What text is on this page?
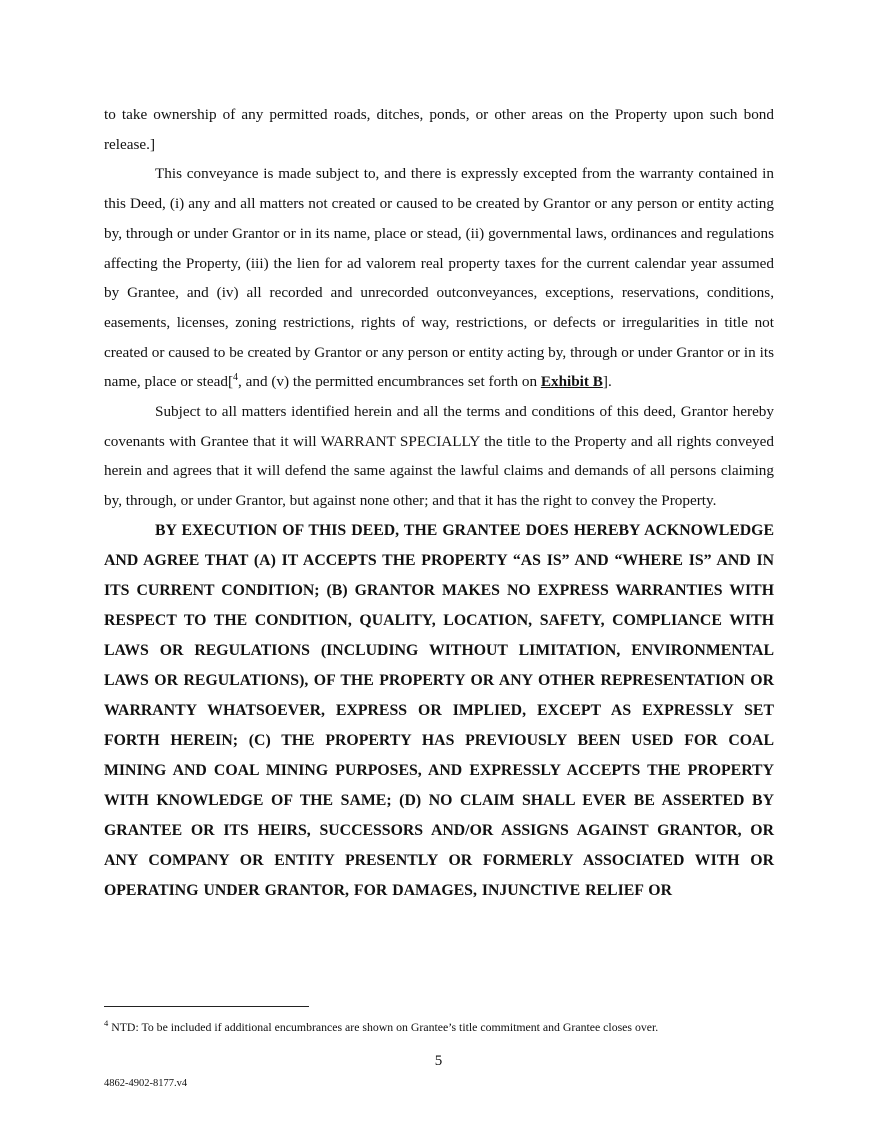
to take ownership of any permitted roads, ditches, ponds, or other areas on the Property upon such bond release.]

This conveyance is made subject to, and there is expressly excepted from the warranty contained in this Deed, (i) any and all matters not created or caused to be created by Grantor or any person or entity acting by, through or under Grantor or in its name, place or stead, (ii) governmental laws, ordinances and regulations affecting the Property, (iii) the lien for ad valorem real property taxes for the current calendar year assumed by Grantee, and (iv) all recorded and unrecorded outconveyances, exceptions, reservations, conditions, easements, licenses, zoning restrictions, rights of way, restrictions, or defects or irregularities in title not created or caused to be created by Grantor or any person or entity acting by, through or under Grantor or in its name, place or stead[$^4$, and (v) the permitted encumbrances set forth on Exhibit B].

Subject to all matters identified herein and all the terms and conditions of this deed, Grantor hereby covenants with Grantee that it will WARRANT SPECIALLY the title to the Property and all rights conveyed herein and agrees that it will defend the same against the lawful claims and demands of all persons claiming by, through, or under Grantor, but against none other; and that it has the right to convey the Property.

BY EXECUTION OF THIS DEED, THE GRANTEE DOES HEREBY ACKNOWLEDGE AND AGREE THAT (A) IT ACCEPTS THE PROPERTY “AS IS” AND “WHERE IS” AND IN ITS CURRENT CONDITION; (B) GRANTOR MAKES NO EXPRESS WARRANTIES WITH RESPECT TO THE CONDITION, QUALITY, LOCATION, SAFETY, COMPLIANCE WITH LAWS OR REGULATIONS (INCLUDING WITHOUT LIMITATION, ENVIRONMENTAL LAWS OR REGULATIONS), OF THE PROPERTY OR ANY OTHER REPRESENTATION OR WARRANTY WHATSOEVER, EXPRESS OR IMPLIED, EXCEPT AS EXPRESSLY SET FORTH HEREIN; (C) THE PROPERTY HAS PREVIOUSLY BEEN USED FOR COAL MINING AND COAL MINING PURPOSES, AND EXPRESSLY ACCEPTS THE PROPERTY WITH KNOWLEDGE OF THE SAME; (D) NO CLAIM SHALL EVER BE ASSERTED BY GRANTEE OR ITS HEIRS, SUCCESSORS AND/OR ASSIGNS AGAINST GRANTOR, OR ANY COMPANY OR ENTITY PRESENTLY OR FORMERLY ASSOCIATED WITH OR OPERATING UNDER GRANTOR, FOR DAMAGES, INJUNCTIVE RELIEF OR

$^4$ NTD: To be included if additional encumbrances are shown on Grantee’s title commitment and Grantee closes over.
5
4862-4902-8177.v4
